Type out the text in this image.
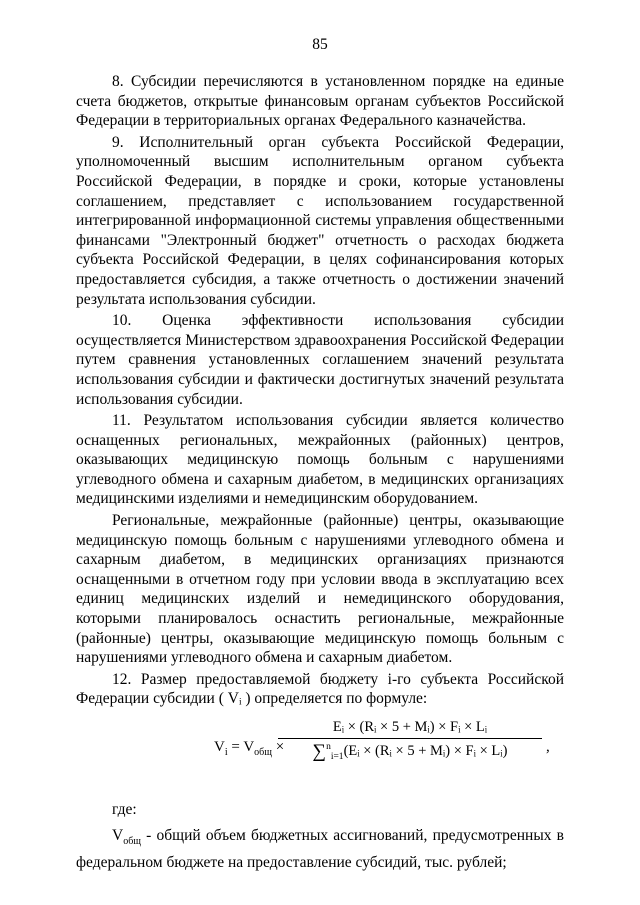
85

8. Субсидии перечисляются в установленном порядке на единые счета бюджетов, открытые финансовым органам субъектов Российской Федерации в территориальных органах Федерального казначейства.

9. Исполнительный орган субъекта Российской Федерации, уполномоченный высшим исполнительным органом субъекта Российской Федерации, в порядке и сроки, которые установлены соглашением, представляет с использованием государственной интегрированной информационной системы управления общественными финансами "Электронный бюджет" отчетность о расходах бюджета субъекта Российской Федерации, в целях софинансирования которых предоставляется субсидия, а также отчетность о достижении значений результата использования субсидии.

10. Оценка эффективности использования субсидии осуществляется Министерством здравоохранения Российской Федерации путем сравнения установленных соглашением значений результата использования субсидии и фактически достигнутых значений результата использования субсидии.

11. Результатом использования субсидии является количество оснащенных региональных, межрайонных (районных) центров, оказывающих медицинскую помощь больным с нарушениями углеводного обмена и сахарным диабетом, в медицинских организациях медицинскими изделиями и немедицинским оборудованием.

Региональные, межрайонные (районные) центры, оказывающие медицинскую помощь больным с нарушениями углеводного обмена и сахарным диабетом, в медицинских организациях признаются оснащенными в отчетном году при условии ввода в эксплуатацию всех единиц медицинских изделий и немедицинского оборудования, которыми планировалось оснастить региональные, межрайонные (районные) центры, оказывающие медицинскую помощь больным с нарушениями углеводного обмена и сахарным диабетом.

12. Размер предоставляемой бюджету i-го субъекта Российской Федерации субсидии ( Vᵢ ) определяется по формуле:

$V_i = V_{общ}$ ×
Eᵢ × (Rᵢ × 5 + Mᵢ) × Fᵢ × Lᵢ
∑$^n_{i=1}$(Eᵢ × (Rᵢ × 5 + Mᵢ) × Fᵢ × Lᵢ)	,
где:
$V_{общ}$ - общий объем бюджетных ассигнований, предусмотренных в федеральном бюджете на предоставление субсидий, тыс. рублей;
